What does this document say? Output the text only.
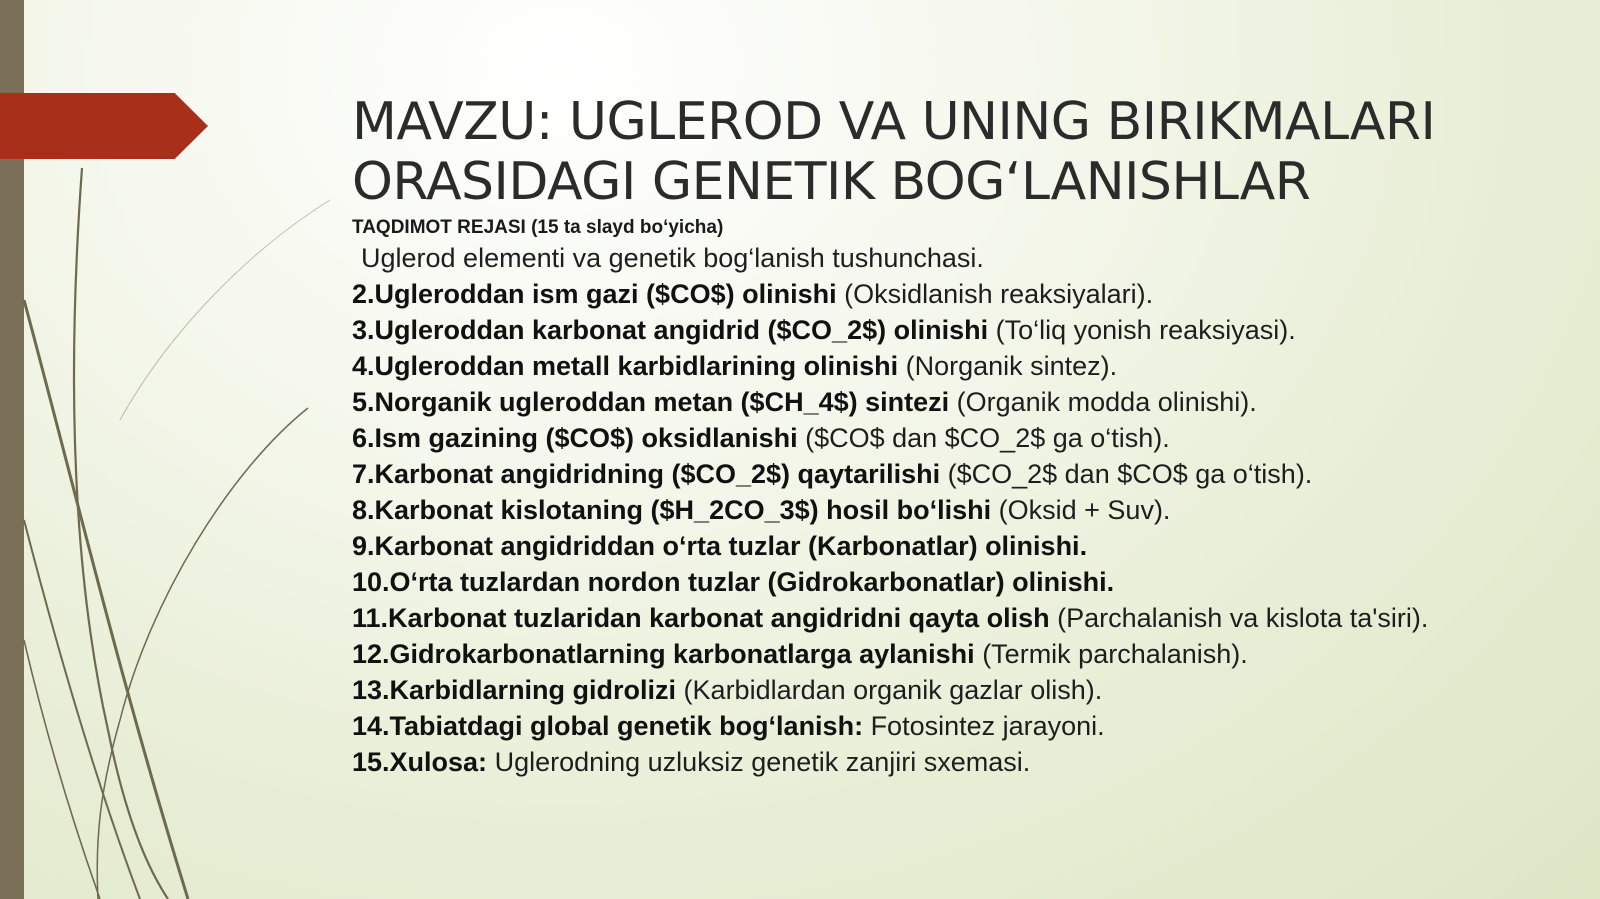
MAVZU: UGLEROD VA UNING BIRIKMALARI ORASIDAGI GENETIK BOG‘LANISHLAR
TAQDIMOT REJASI (15 ta slayd bo‘yicha)
Uglerod elementi va genetik bog‘lanish tushunchasi.
2.Ugleroddan ism gazi ($CO$) olinishi (Oksidlanish reaksiyalari).
3.Ugleroddan karbonat angidrid ($CO_2$) olinishi (To‘liq yonish reaksiyasi).
4.Ugleroddan metall karbidlarining olinishi (Norganik sintez).
5.Norganik ugleroddan metan ($CH_4$) sintezi (Organik modda olinishi).
6.Ism gazining ($CO$) oksidlanishi ($CO$ dan $CO_2$ ga o‘tish).
7.Karbonat angidridning ($CO_2$) qaytarilishi ($CO_2$ dan $CO$ ga o‘tish).
8.Karbonat kislotaning ($H_2CO_3$) hosil bo‘lishi (Oksid + Suv).
9.Karbonat angidriddan o‘rta tuzlar (Karbonatlar) olinishi.
10.O‘rta tuzlardan nordon tuzlar (Gidrokarbonatlar) olinishi.
11.Karbonat tuzlaridan karbonat angidridni qayta olish (Parchalanish va kislota ta'siri).
12.Gidrokarbonatlarning karbonatlarga aylanishi (Termik parchalanish).
13.Karbidlarning gidrolizi (Karbidlardan organik gazlar olish).
14.Tabiatdagi global genetik bog‘lanish: Fotosintez jarayoni.
15.Xulosa: Uglerodning uzluksiz genetik zanjiri sxemasi.
